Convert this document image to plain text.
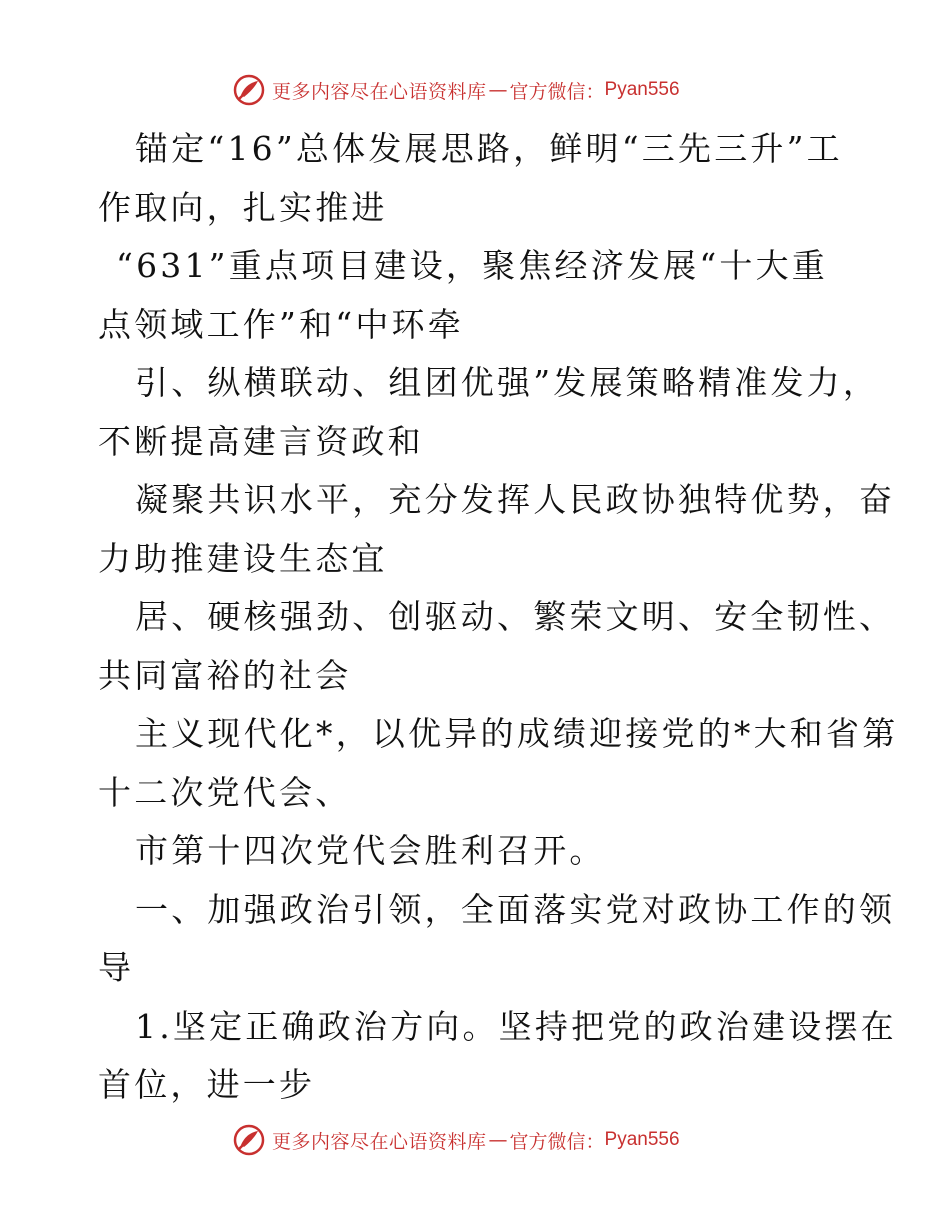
更多内容尽在心语资料库 — 官方微信： Pyan556
锚定“16”总体发展思路，鲜明“三先三升”工
作取向，扎实推进
“631”重点项目建设，聚焦经济发展“十大重
点领域工作”和“中环牵
引、纵横联动、组团优强”发展策略精准发力，
不断提高建言资政和
凝聚共识水平，充分发挥人民政协独特优势，奋
力助推建设生态宜
居、硬核强劲、创驱动、繁荣文明、安全韧性、
共同富裕的社会
主义现代化*，以优异的成绩迎接党的*大和省第
十二次党代会、
市第十四次党代会胜利召开。
一、加强政治引领，全面落实党对政协工作的领
导
1.坚定正确政治方向。坚持把党的政治建设摆在
首位，进一步
更多内容尽在心语资料库 — 官方微信： Pyan556
